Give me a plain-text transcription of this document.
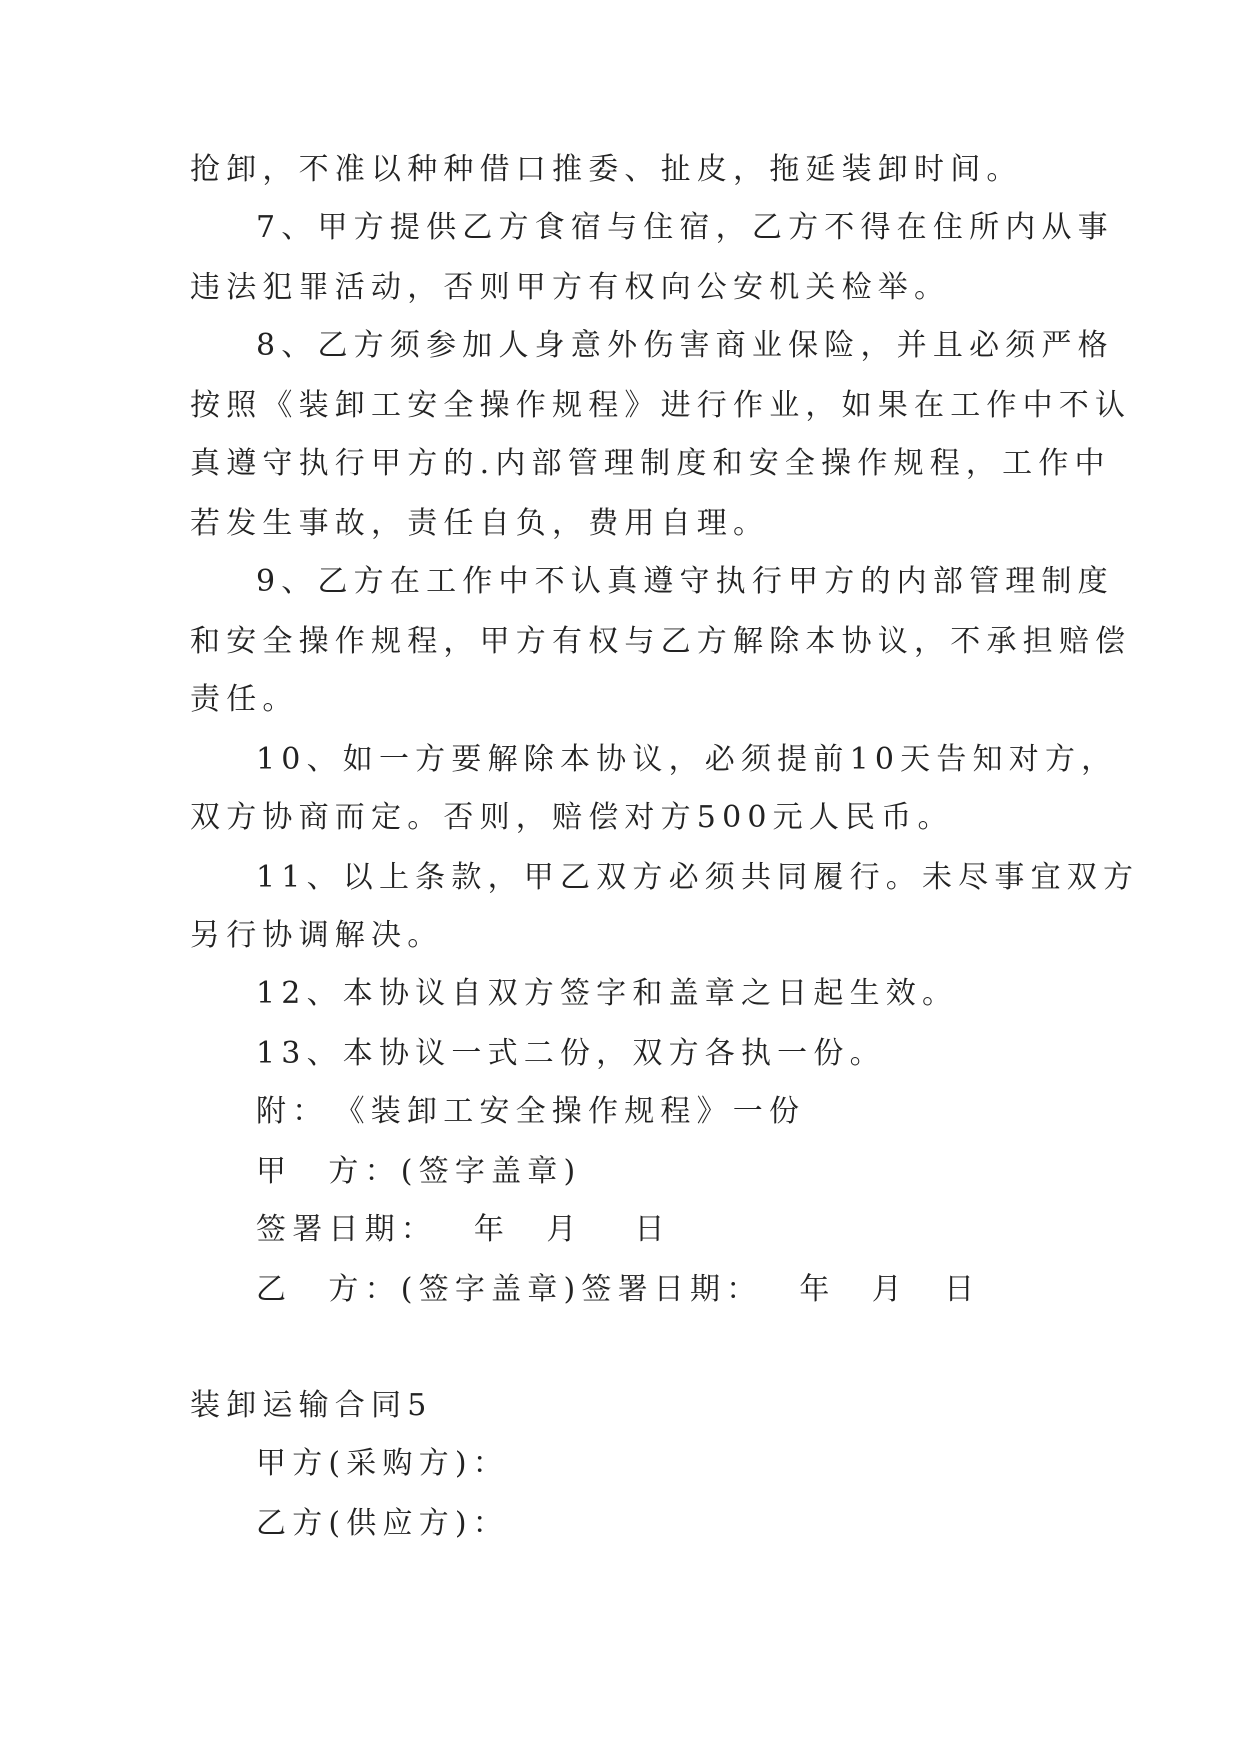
抢卸，不准以种种借口推委、扯皮，拖延装卸时间。
7、甲方提供乙方食宿与住宿，乙方不得在住所内从事
违法犯罪活动，否则甲方有权向公安机关检举。
8、乙方须参加人身意外伤害商业保险，并且必须严格
按照《装卸工安全操作规程》进行作业，如果在工作中不认
真遵守执行甲方的.内部管理制度和安全操作规程，工作中
若发生事故，责任自负，费用自理。
9、乙方在工作中不认真遵守执行甲方的内部管理制度
和安全操作规程，甲方有权与乙方解除本协议，不承担赔偿
责任。
10、如一方要解除本协议，必须提前10天告知对方，
双方协商而定。否则，赔偿对方500元人民币。
11、以上条款，甲乙双方必须共同履行。未尽事宜双方
另行协调解决。
12、本协议自双方签字和盖章之日起生效。
13、本协议一式二份，双方各执一份。
附：　《装卸工安全操作规程》一份
甲　方：(签字盖章)
签署日期：　 年　月　 日
乙　方：(签字盖章)签署日期：　 年　月　日
装卸运输合同5
甲方(采购方)：
乙方(供应方)：
